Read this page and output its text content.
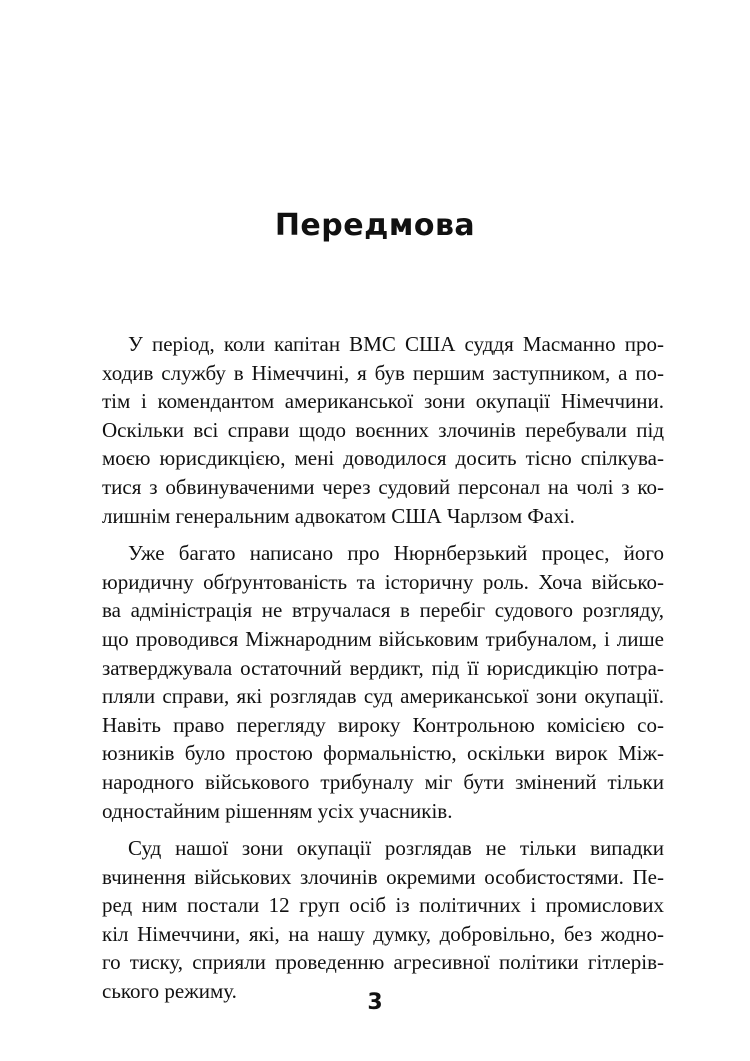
Передмова
У період, коли капітан ВМС США суддя Масманно про-
ходив службу в Німеччині, я був першим заступником, а по-
тім і комендантом американської зони окупації Німеччини.
Оскільки всі справи щодо воєнних злочинів перебували під
моєю юрисдикцією, мені доводилося досить тісно спілкува-
тися з обвинуваченими через судовий персонал на чолі з ко-
лишнім генеральним адвокатом США Чарлзом Фахі.
Уже багато написано про Нюрнберзький процес, його
юридичну обґрунтованість та історичну роль. Хоча військо-
ва адміністрація не втручалася в перебіг судового розгляду,
що проводився Міжнародним військовим трибуналом, і лише
затверджувала остаточний вердикт, під її юрисдикцію потра-
пляли справи, які розглядав суд американської зони окупації.
Навіть право перегляду вироку Контрольною комісією со-
юзників було простою формальністю, оскільки вирок Між-
народного військового трибуналу міг бути змінений тільки
одностайним рішенням усіх учасників.
Суд нашої зони окупації розглядав не тільки випадки
вчинення військових злочинів окремими особистостями. Пе-
ред ним постали 12 груп осіб із політичних і промислових
кіл Німеччини, які, на нашу думку, добровільно, без жодно-
го тиску, сприяли проведенню агресивної політики гітлерів-
ського режиму.	3
